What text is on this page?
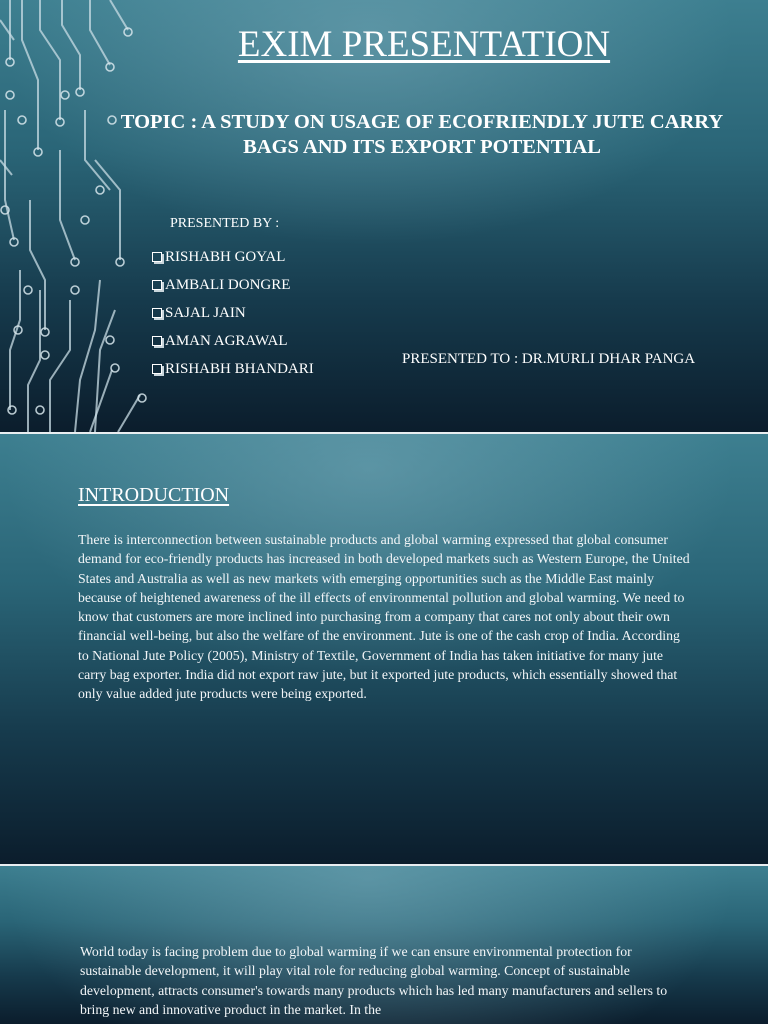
EXIM PRESENTATION
TOPIC : A STUDY ON USAGE OF ECOFRIENDLY JUTE CARRY BAGS AND ITS EXPORT POTENTIAL
PRESENTED BY :
RISHABH GOYAL
AMBALI DONGRE
SAJAL JAIN
AMAN AGRAWAL
RISHABH BHANDARI
PRESENTED TO : DR.MURLI DHAR PANGA
INTRODUCTION
There is interconnection between sustainable products and global warming expressed that global consumer demand for eco-friendly products has increased in both developed markets such as Western Europe, the United States and Australia as well as new markets with emerging opportunities such as the Middle East mainly because of heightened awareness of the ill effects of environmental pollution and global warming. We need to know that customers are more inclined into purchasing from a company that cares not only about their own financial well-being, but also the welfare of the environment. Jute is one of the cash crop of India. According to National Jute Policy (2005), Ministry of Textile, Government of India has taken initiative for many jute carry bag exporter. India did not export raw jute, but it exported jute products, which essentially showed that only value added jute products were being exported.
World today is facing problem due to global warming if we can ensure environmental protection for sustainable development, it will play vital role for reducing global warming. Concept of sustainable development, attracts consumer's towards many products which has led many manufacturers and sellers to bring new and innovative product in the market. In the
